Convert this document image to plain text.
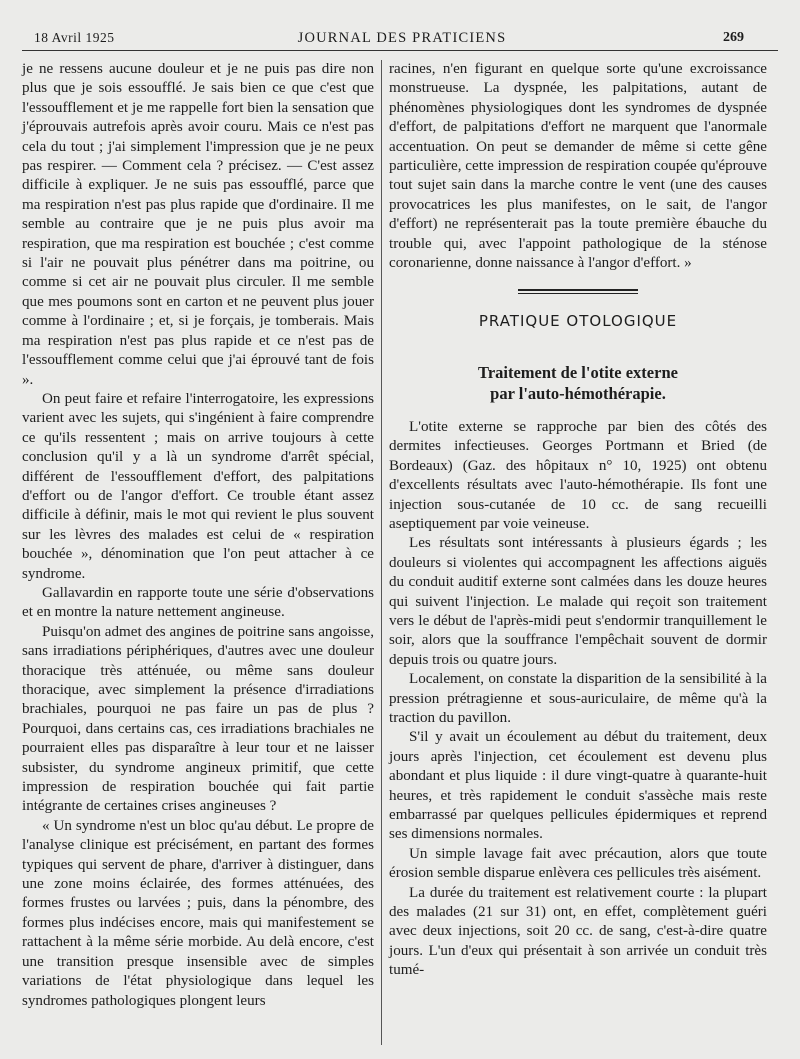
18 Avril 1925	JOURNAL DES PRATICIENS	269

je ne ressens aucune douleur et je ne puis pas dire non plus que je sois essoufflé. Je sais bien ce que c'est que l'essoufflement et je me rappelle fort bien la sensation que j'éprouvais autrefois après avoir couru. Mais ce n'est pas cela du tout ; j'ai simplement l'impression que je ne peux pas respirer. — Comment cela ? précisez. — C'est assez difficile à expliquer. Je ne suis pas essoufflé, parce que ma respiration n'est pas plus rapide que d'ordinaire. Il me semble au contraire que je ne puis plus avoir ma respiration, que ma respiration est bouchée ; c'est comme si l'air ne pouvait plus pénétrer dans ma poitrine, ou comme si cet air ne pouvait plus circuler. Il me semble que mes poumons sont en carton et ne peuvent plus jouer comme à l'ordinaire ; et, si je forçais, je tomberais. Mais ma respiration n'est pas plus rapide et ce n'est pas de l'essoufflement comme celui que j'ai éprouvé tant de fois ».

On peut faire et refaire l'interrogatoire, les expressions varient avec les sujets, qui s'ingénient à faire comprendre ce qu'ils ressentent ; mais on arrive toujours à cette conclusion qu'il y a là un syndrome d'arrêt spécial, différent de l'essoufflement d'effort, des palpitations d'effort ou de l'angor d'effort. Ce trouble étant assez difficile à définir, mais le mot qui revient le plus souvent sur les lèvres des malades est celui de « respiration bouchée », dénomination que l'on peut attacher à ce syndrome.

Gallavardin en rapporte toute une série d'observations et en montre la nature nettement angineuse.

Puisqu'on admet des angines de poitrine sans angoisse, sans irradiations périphériques, d'autres avec une douleur thoracique très atténuée, ou même sans douleur thoracique, avec simplement la présence d'irradiations brachiales, pourquoi ne pas faire un pas de plus ? Pourquoi, dans certains cas, ces irradiations brachiales ne pourraient elles pas disparaître à leur tour et ne laisser subsister, du syndrome angineux primitif, que cette impression de respiration bouchée qui fait partie intégrante de certaines crises angineuses ?

« Un syndrome n'est un bloc qu'au début. Le propre de l'analyse clinique est précisément, en partant des formes typiques qui servent de phare, d'arriver à distinguer, dans une zone moins éclairée, des formes atténuées, des formes frustes ou larvées ; puis, dans la pénombre, des formes plus indécises encore, mais qui manifestement se rattachent à la même série morbide. Au delà encore, c'est une transition presque insensible avec de simples variations de l'état physiologique dans lequel les syndromes pathologiques plongent leurs

racines, n'en figurant en quelque sorte qu'une excroissance monstrueuse. La dyspnée, les palpitations, autant de phénomènes physiologiques dont les syndromes de dyspnée d'effort, de palpitations d'effort ne marquent que l'anormale accentuation. On peut se demander de même si cette gêne particulière, cette impression de respiration coupée qu'éprouve tout sujet sain dans la marche contre le vent (une des causes provocatrices les plus manifestes, on le sait, de l'angor d'effort) ne représenterait pas la toute première ébauche du trouble qui, avec l'appoint pathologique de la sténose coronarienne, donne naissance à l'angor d'effort. »

PRATIQUE OTOLOGIQUE
Traitement de l'otite externe
par l'auto-hémothérapie.

L'otite externe se rapproche par bien des côtés des dermites infectieuses. Georges Portmann et Bried (de Bordeaux) (Gaz. des hôpitaux n° 10, 1925) ont obtenu d'excellents résultats avec l'auto-hémothérapie. Ils font une injection sous-cutanée de 10 cc. de sang recueilli aseptiquement par voie veineuse.

Les résultats sont intéressants à plusieurs égards ; les douleurs si violentes qui accompagnent les affections aiguës du conduit auditif externe sont calmées dans les douze heures qui suivent l'injection. Le malade qui reçoit son traitement vers le début de l'après-midi peut s'endormir tranquillement le soir, alors que la souffrance l'empêchait souvent de dormir depuis trois ou quatre jours.

Localement, on constate la disparition de la sensibilité à la pression prétragienne et sous-auriculaire, de même qu'à la traction du pavillon.

S'il y avait un écoulement au début du traitement, deux jours après l'injection, cet écoulement est devenu plus abondant et plus liquide : il dure vingt-quatre à quarante-huit heures, et très rapidement le conduit s'assèche mais reste embarrassé par quelques pellicules épidermiques et reprend ses dimensions normales.

Un simple lavage fait avec précaution, alors que toute érosion semble disparue enlèvera ces pellicules très aisément.

La durée du traitement est relativement courte : la plupart des malades (21 sur 31) ont, en effet, complètement guéri avec deux injections, soit 20 cc. de sang, c'est-à-dire quatre jours. L'un d'eux qui présentait à son arrivée un conduit très tumé-
